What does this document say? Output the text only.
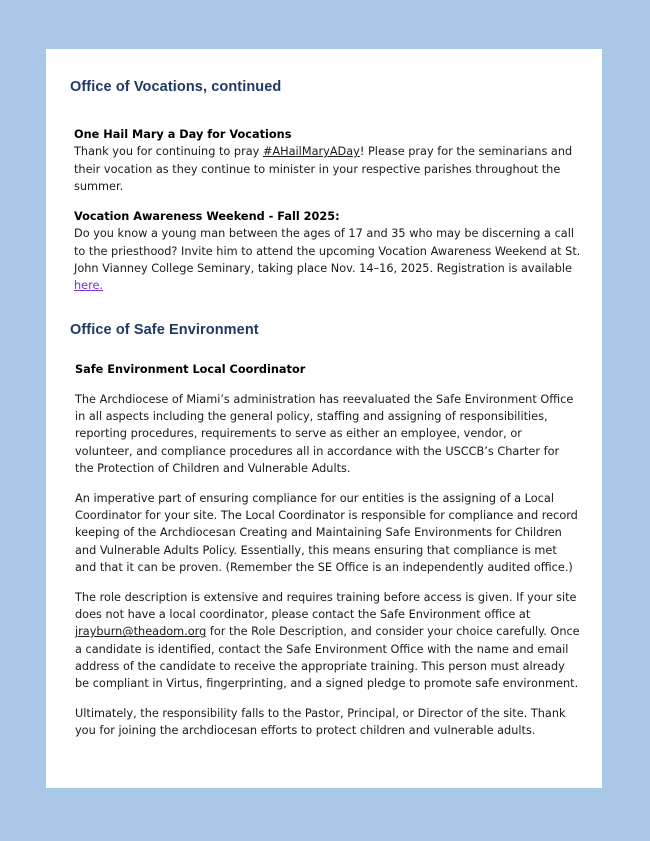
Office of Vocations, continued

One Hail Mary a Day for Vocations

Thank you for continuing to pray #AHailMaryADay! Please pray for the seminarians and their vocation as they continue to minister in your respective parishes throughout the summer.

Vocation Awareness Weekend - Fall 2025:

Do you know a young man between the ages of 17 and 35 who may be discerning a call to the priesthood? Invite him to attend the upcoming Vocation Awareness Weekend at St. John Vianney College Seminary, taking place Nov. 14–16, 2025. Registration is available here.

Office of Safe Environment

Safe Environment Local Coordinator

The Archdiocese of Miami’s administration has reevaluated the Safe Environment Office in all aspects including the general policy, staffing and assigning of responsibilities, reporting procedures, requirements to serve as either an employee, vendor, or volunteer, and compliance procedures all in accordance with the USCCB’s Charter for the Protection of Children and Vulnerable Adults.

An imperative part of ensuring compliance for our entities is the assigning of a Local Coordinator for your site. The Local Coordinator is responsible for compliance and record keeping of the Archdiocesan Creating and Maintaining Safe Environments for Children and Vulnerable Adults Policy. Essentially, this means ensuring that compliance is met and that it can be proven. (Remember the SE Office is an independently audited office.)

The role description is extensive and requires training before access is given. If your site does not have a local coordinator, please contact the Safe Environment office at jrayburn@theadom.org for the Role Description, and consider your choice carefully. Once a candidate is identified, contact the Safe Environment Office with the name and email address of the candidate to receive the appropriate training. This person must already be compliant in Virtus, fingerprinting, and a signed pledge to promote safe environment.

Ultimately, the responsibility falls to the Pastor, Principal, or Director of the site. Thank you for joining the archdiocesan efforts to protect children and vulnerable adults.
